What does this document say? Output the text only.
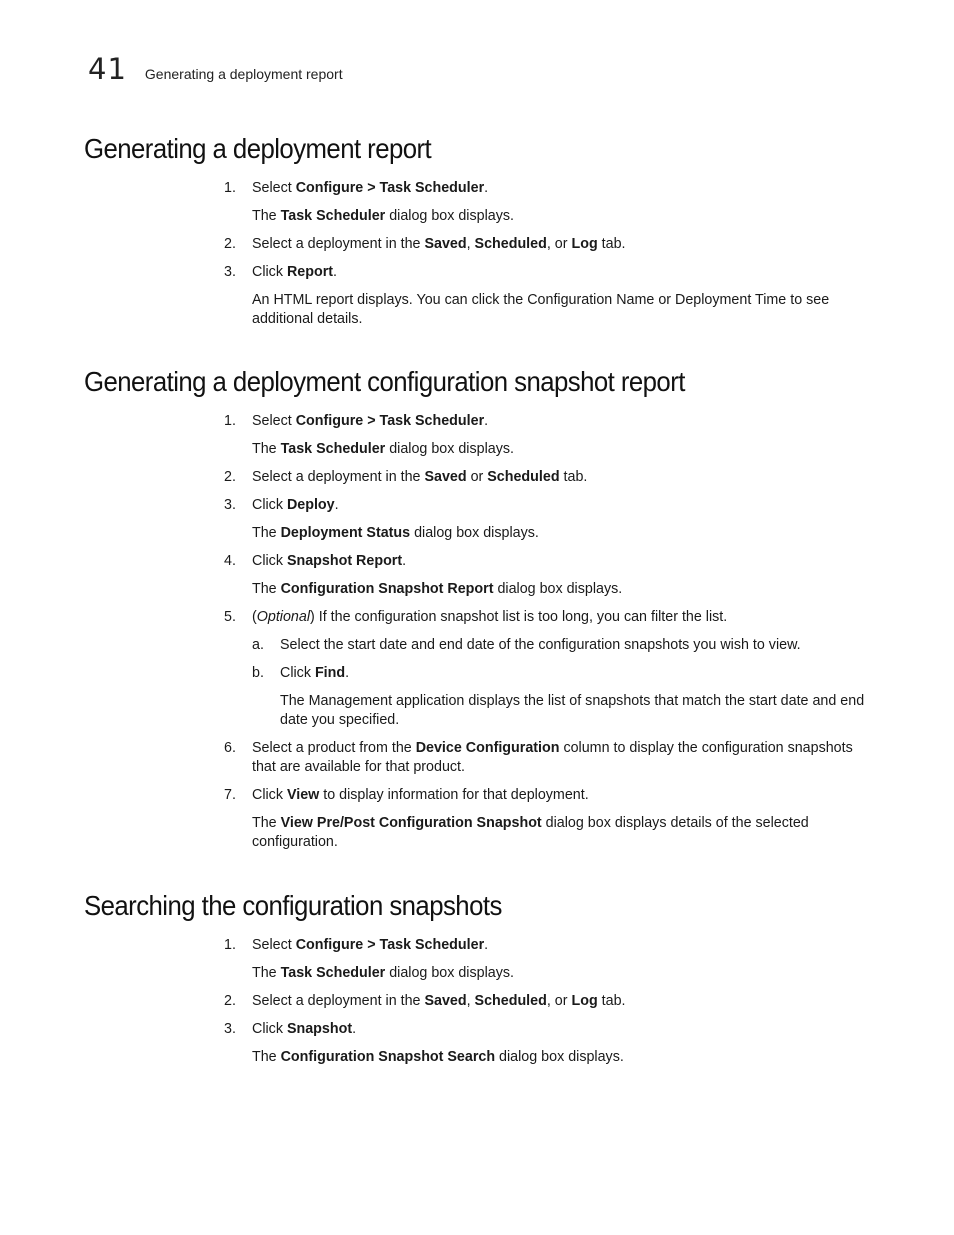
41 Generating a deployment report
Generating a deployment report
1. Select Configure > Task Scheduler.
The Task Scheduler dialog box displays.
2. Select a deployment in the Saved, Scheduled, or Log tab.
3. Click Report.
An HTML report displays. You can click the Configuration Name or Deployment Time to see additional details.
Generating a deployment configuration snapshot report
1. Select Configure > Task Scheduler.
The Task Scheduler dialog box displays.
2. Select a deployment in the Saved or Scheduled tab.
3. Click Deploy.
The Deployment Status dialog box displays.
4. Click Snapshot Report.
The Configuration Snapshot Report dialog box displays.
5. (Optional) If the configuration snapshot list is too long, you can filter the list.
a. Select the start date and end date of the configuration snapshots you wish to view.
b. Click Find.
The Management application displays the list of snapshots that match the start date and end date you specified.
6. Select a product from the Device Configuration column to display the configuration snapshots that are available for that product.
7. Click View to display information for that deployment.
The View Pre/Post Configuration Snapshot dialog box displays details of the selected configuration.
Searching the configuration snapshots
1. Select Configure > Task Scheduler.
The Task Scheduler dialog box displays.
2. Select a deployment in the Saved, Scheduled, or Log tab.
3. Click Snapshot.
The Configuration Snapshot Search dialog box displays.
